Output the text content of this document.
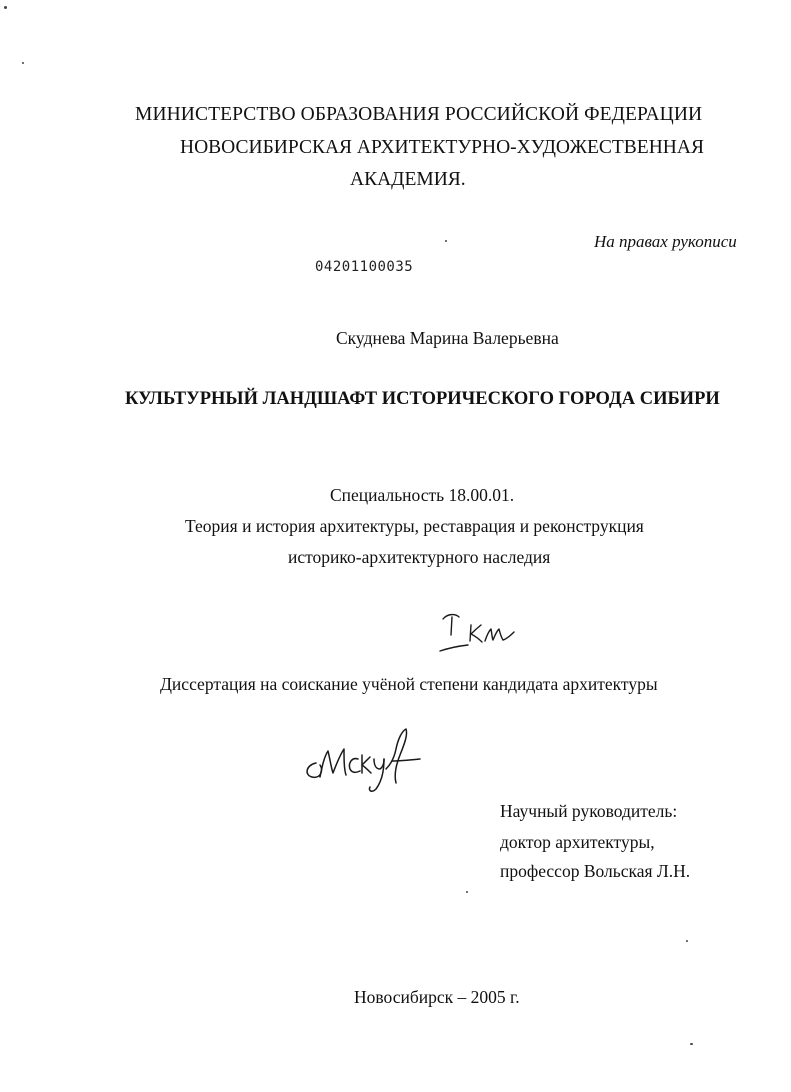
МИНИСТЕРСТВО ОБРАЗОВАНИЯ РОССИЙСКОЙ ФЕДЕРАЦИИ
НОВОСИБИРСКАЯ АРХИТЕКТУРНО-ХУДОЖЕСТВЕННАЯ
АКАДЕМИЯ.
На правах рукописи
04201100035
Скуднева Марина Валерьевна
КУЛЬТУРНЫЙ ЛАНДШАФТ ИСТОРИЧЕСКОГО ГОРОДА СИБИРИ
Специальность 18.00.01.
Теория и история архитектуры, реставрация и реконструкция
историко-архитектурного наследия
Диссертация на соискание учёной степени кандидата архитектуры
Научный руководитель:
доктор архитектуры,
профессор Вольская Л.Н.
Новосибирск – 2005 г.
